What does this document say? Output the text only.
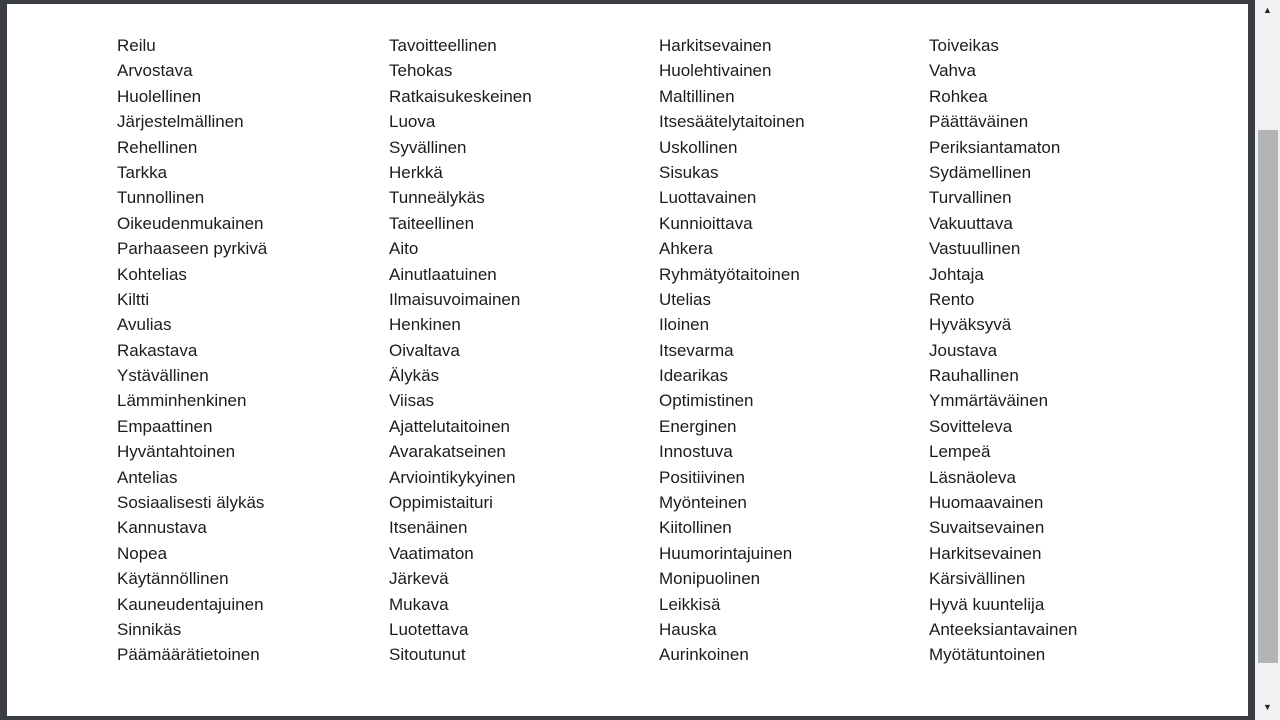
Reilu
Arvostava
Huolellinen
Järjestelmällinen
Rehellinen
Tarkka
Tunnollinen
Oikeudenmukainen
Parhaaseen pyrkivä
Kohtelias
Kiltti
Avulias
Rakastava
Ystävällinen
Lämminhenkinen
Empaattinen
Hyväntahtoinen
Antelias
Sosiaalisesti älykäs
Kannustava
Nopea
Käytännöllinen
Kauneudentajuinen
Sinnikäs
Päämäärätietoinen
Tavoitteellinen
Tehokas
Ratkaisukeskeinen
Luova
Syvällinen
Herkkä
Tunneälykäs
Taiteellinen
Aito
Ainutlaatuinen
Ilmaisuvoimainen
Henkinen
Oivaltava
Älykäs
Viisas
Ajattelutaitoinen
Avarakatseinen
Arviointikykyinen
Oppimistaituri
Itsenäinen
Vaatimaton
Järkevä
Mukava
Luotettava
Sitoutunut
Harkitsevainen
Huolehtivainen
Maltillinen
Itsesäätelytaitoinen
Uskollinen
Sisukas
Luottavainen
Kunnioittava
Ahkera
Ryhmätyötaitoinen
Utelias
Iloinen
Itsevarma
Idearikas
Optimistinen
Energinen
Innostuva
Positiivinen
Myönteinen
Kiitollinen
Huumorintajuinen
Monipuolinen
Leikkisä
Hauska
Aurinkoinen
Toiveikas
Vahva
Rohkea
Päättäväinen
Periksiantamaton
Sydämellinen
Turvallinen
Vakuuttava
Vastuullinen
Johtaja
Rento
Hyväksyvä
Joustava
Rauhallinen
Ymmärtäväinen
Sovitteleva
Lempeä
Läsnäoleva
Huomaavainen
Suvaitsevainen
Harkitsevainen
Kärsivällinen
Hyvä kuuntelija
Anteeksiantavainen
Myötätuntoinen
▲
▼
